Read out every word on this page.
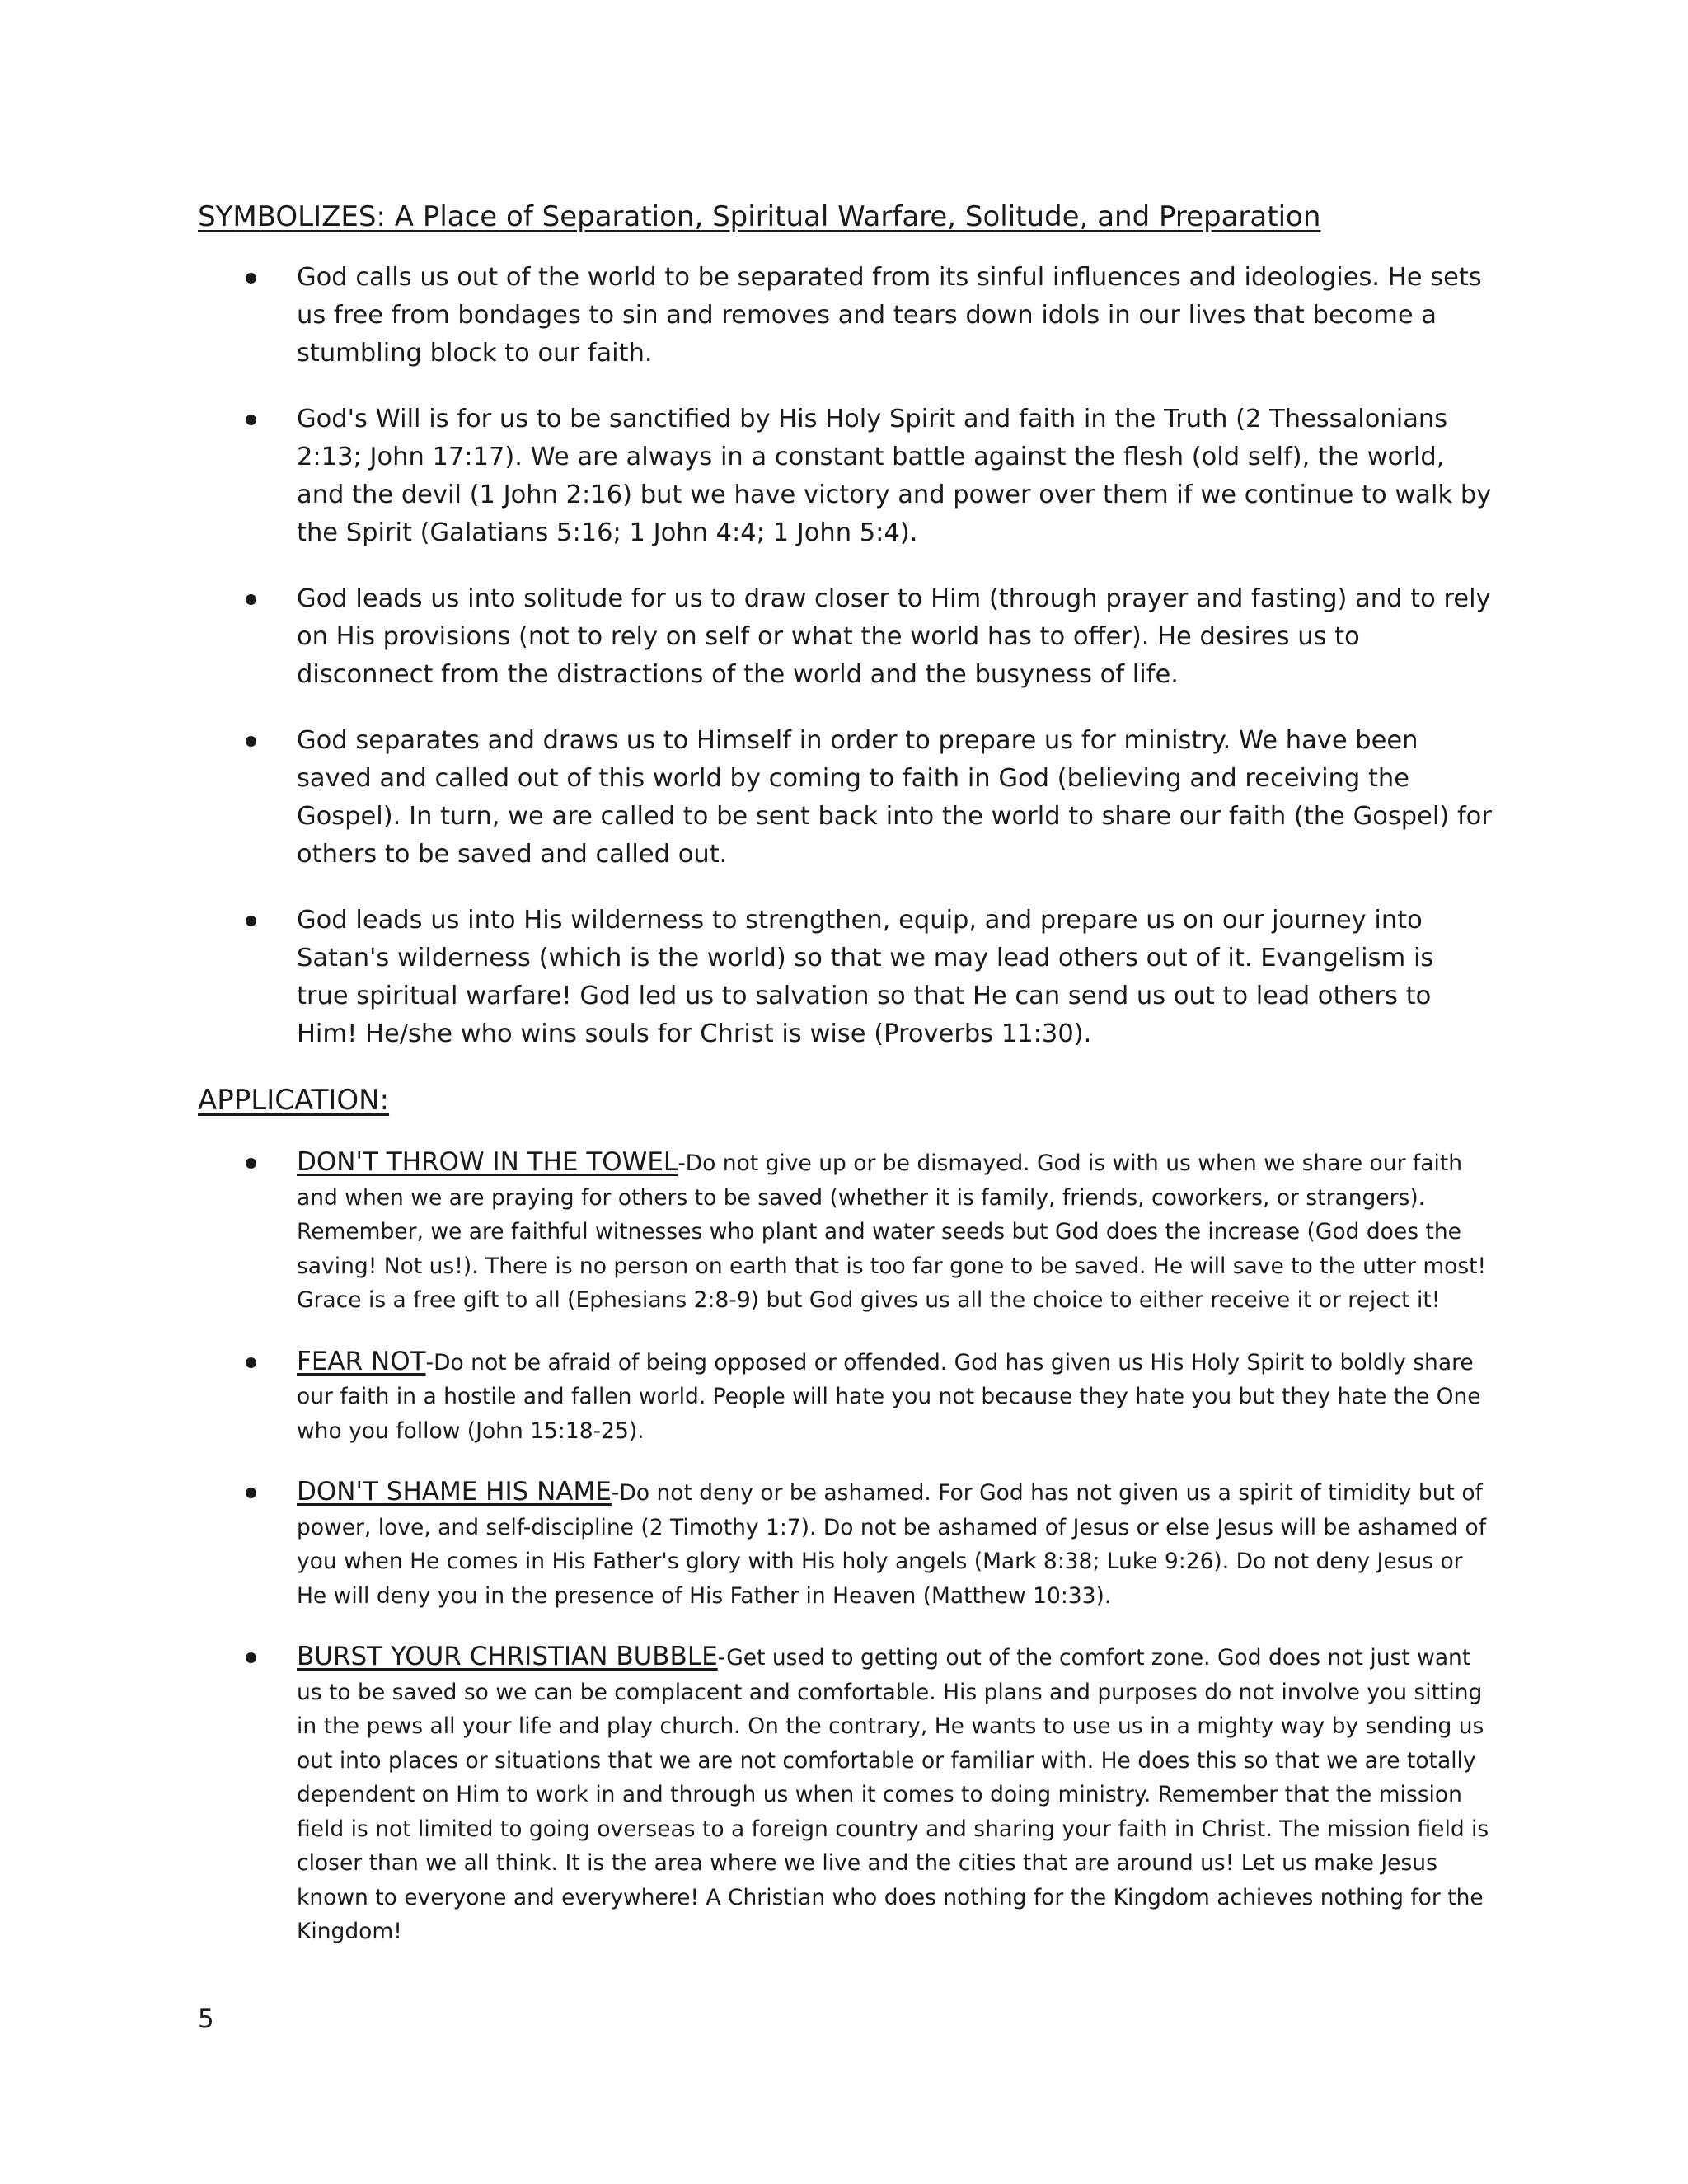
SYMBOLIZES: A Place of Separation, Spiritual Warfare, Solitude, and Preparation
God calls us out of the world to be separated from its sinful influences and ideologies. He sets us free from bondages to sin and removes and tears down idols in our lives that become a stumbling block to our faith.
God's Will is for us to be sanctified by His Holy Spirit and faith in the Truth (2 Thessalonians 2:13; John 17:17). We are always in a constant battle against the flesh (old self), the world, and the devil (1 John 2:16) but we have victory and power over them if we continue to walk by the Spirit (Galatians 5:16; 1 John 4:4; 1 John 5:4).
God leads us into solitude for us to draw closer to Him (through prayer and fasting) and to rely on His provisions (not to rely on self or what the world has to offer). He desires us to disconnect from the distractions of the world and the busyness of life.
God separates and draws us to Himself in order to prepare us for ministry. We have been saved and called out of this world by coming to faith in God (believing and receiving the Gospel). In turn, we are called to be sent back into the world to share our faith (the Gospel) for others to be saved and called out.
God leads us into His wilderness to strengthen, equip, and prepare us on our journey into Satan's wilderness (which is the world) so that we may lead others out of it. Evangelism is true spiritual warfare! God led us to salvation so that He can send us out to lead others to Him! He/she who wins souls for Christ is wise (Proverbs 11:30).
APPLICATION:
DON'T THROW IN THE TOWEL-Do not give up or be dismayed. God is with us when we share our faith and when we are praying for others to be saved (whether it is family, friends, coworkers, or strangers). Remember, we are faithful witnesses who plant and water seeds but God does the increase (God does the saving! Not us!). There is no person on earth that is too far gone to be saved. He will save to the utter most! Grace is a free gift to all (Ephesians 2:8-9) but God gives us all the choice to either receive it or reject it!
FEAR NOT-Do not be afraid of being opposed or offended. God has given us His Holy Spirit to boldly share our faith in a hostile and fallen world. People will hate you not because they hate you but they hate the One who you follow (John 15:18-25).
DON'T SHAME HIS NAME-Do not deny or be ashamed. For God has not given us a spirit of timidity but of power, love, and self-discipline (2 Timothy 1:7). Do not be ashamed of Jesus or else Jesus will be ashamed of you when He comes in His Father's glory with His holy angels (Mark 8:38; Luke 9:26). Do not deny Jesus or He will deny you in the presence of His Father in Heaven (Matthew 10:33).
BURST YOUR CHRISTIAN BUBBLE-Get used to getting out of the comfort zone. God does not just want us to be saved so we can be complacent and comfortable. His plans and purposes do not involve you sitting in the pews all your life and play church. On the contrary, He wants to use us in a mighty way by sending us out into places or situations that we are not comfortable or familiar with. He does this so that we are totally dependent on Him to work in and through us when it comes to doing ministry. Remember that the mission field is not limited to going overseas to a foreign country and sharing your faith in Christ. The mission field is closer than we all think. It is the area where we live and the cities that are around us! Let us make Jesus known to everyone and everywhere! A Christian who does nothing for the Kingdom achieves nothing for the Kingdom!
5
